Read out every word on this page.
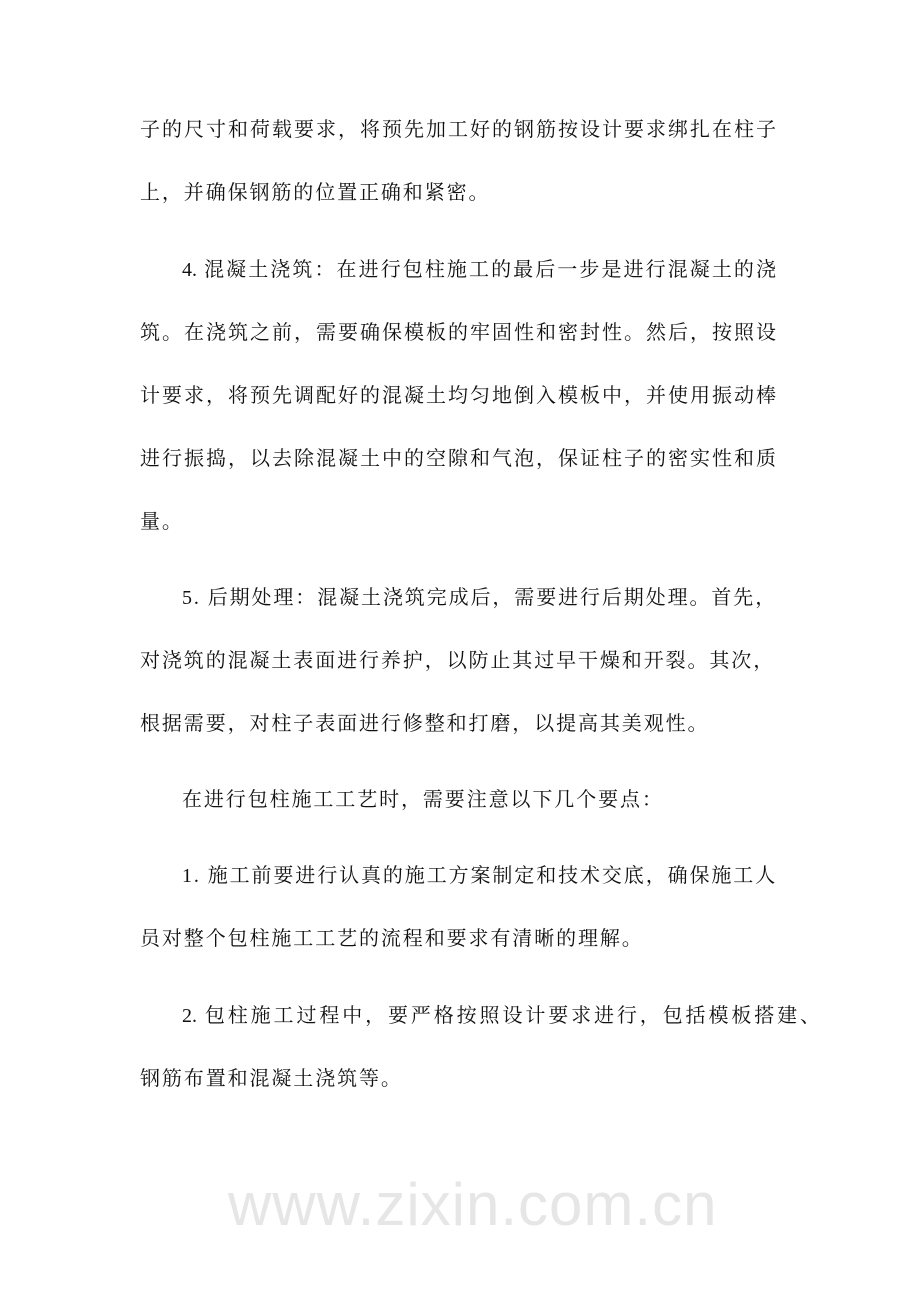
www.zixin.com.cn
子的尺寸和荷载要求，将预先加工好的钢筋按设计要求绑扎在柱子
上，并确保钢筋的位置正确和紧密。
4. 混凝土浇筑：在进行包柱施工的最后一步是进行混凝土的浇
筑。在浇筑之前，需要确保模板的牢固性和密封性。然后，按照设
计要求，将预先调配好的混凝土均匀地倒入模板中，并使用振动棒
进行振捣，以去除混凝土中的空隙和气泡，保证柱子的密实性和质
量。
5. 后期处理：混凝土浇筑完成后，需要进行后期处理。首先，
对浇筑的混凝土表面进行养护，以防止其过早干燥和开裂。其次，
根据需要，对柱子表面进行修整和打磨，以提高其美观性。
在进行包柱施工工艺时，需要注意以下几个要点：
1. 施工前要进行认真的施工方案制定和技术交底，确保施工人
员对整个包柱施工工艺的流程和要求有清晰的理解。
2. 包柱施工过程中，要严格按照设计要求进行，包括模板搭建、
钢筋布置和混凝土浇筑等。
